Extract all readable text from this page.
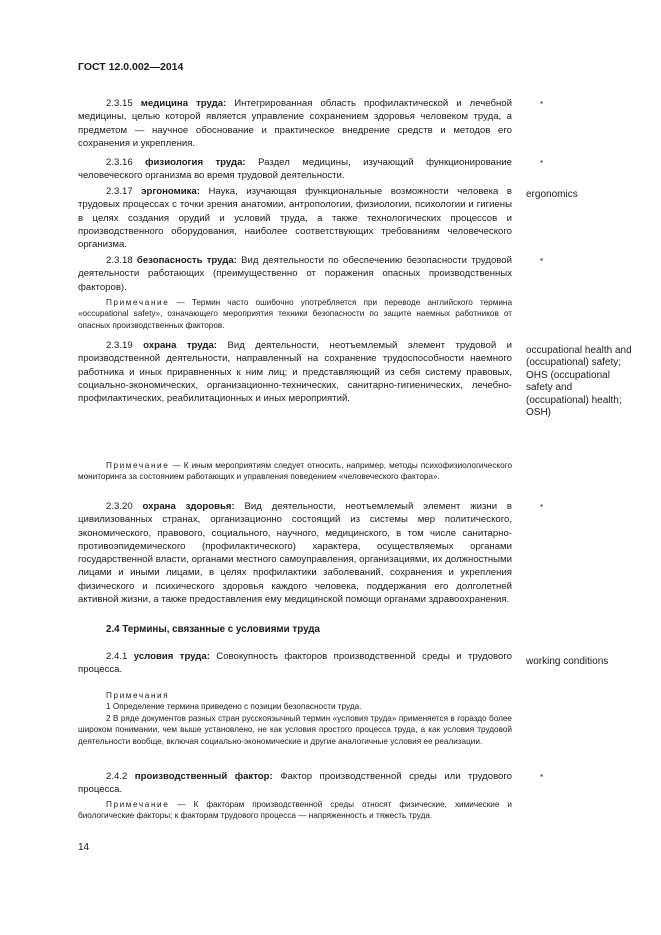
ГОСТ 12.0.002—2014

2.3.15 медицина труда: Интегрированная область профилактической и лечебной медицины, целью которой является управление сохранением здоровья человеком труда, а предметом — научное обоснование и практическое внедрение средств и методов его сохранения и укрепления.

*

2.3.16 физиология труда: Раздел медицины, изучающий функционирование человеческого организма во время трудовой деятельности.

*

2.3.17 эргономика: Наука, изучающая функциональные возможности человека в трудовых процессах с точки зрения анатомии, антропологии, физиологии, психологии и гигиены в целях создания орудий и условий труда, а также технологических процессов и производственного оборудования, наиболее соответствующих требованиям человеческого организма.

ergonomics

2.3.18 безопасность труда: Вид деятельности по обеспечению безопасности трудовой деятельности работающих (преимущественно от поражения опасных производственных факторов).

*

Примечание — Термин часто ошибочно употребляется при переводе английского термина «occupational safety», означающего мероприятия техники безопасности по защите наемных работников от опасных производственных факторов.

2.3.19 охрана труда: Вид деятельности, неотъемлемый элемент трудовой и производственной деятельности, направленный на сохранение трудоспособности наемного работника и иных приравненных к ним лиц; и представляющий из себя систему правовых, социально-экономических, организационно-технических, санитарно-гигиенических, лечебно-профилактических, реабилитационных и иных мероприятий.

occupational health and (occupational) safety; OHS (occupational safety and (occupational) health; OSH)

Примечание — К иным мероприятиям следует относить, например, методы психофизиологического мониторинга за состоянием работающих и управления поведением «человеческого фактора».

2.3.20 охрана здоровья: Вид деятельности, неотъемлемый элемент жизни в цивилизованных странах, организационно состоящий из системы мер политического, экономического, правового, социального, научного, медицинского, в том числе санитарно-противоэпидемического (профилактического) характера, осуществляемых органами государственной власти, органами местного самоуправления, организациями, их должностными лицами и иными лицами, в целях профилактики заболеваний, сохранения и укрепления физического и психического здоровья каждого человека, поддержания его долголетней активной жизни, а также предоставления ему медицинской помощи органами здравоохранения.

*
2.4 Термины, связанные с условиями труда

2.4.1 условия труда: Совокупность факторов производственной среды и трудового процесса.

working conditions

Примечания

1 Определение термина приведено с позиции безопасности труда.

2 В ряде документов разных стран русскоязычный термин «условия труда» применяется в гораздо более широком понимании, чем выше установлено, не как условия простого процесса труда, а как условия трудовой деятельности вообще, включая социально-экономические и другие аналогичные условия ее реализации.

2.4.2 производственный фактор: Фактор производственной среды или трудового процесса.

*

Примечание — К факторам производственной среды относят физические, химические и биологические факторы; к факторам трудового процесса — напряженность и тяжесть труда.

14
